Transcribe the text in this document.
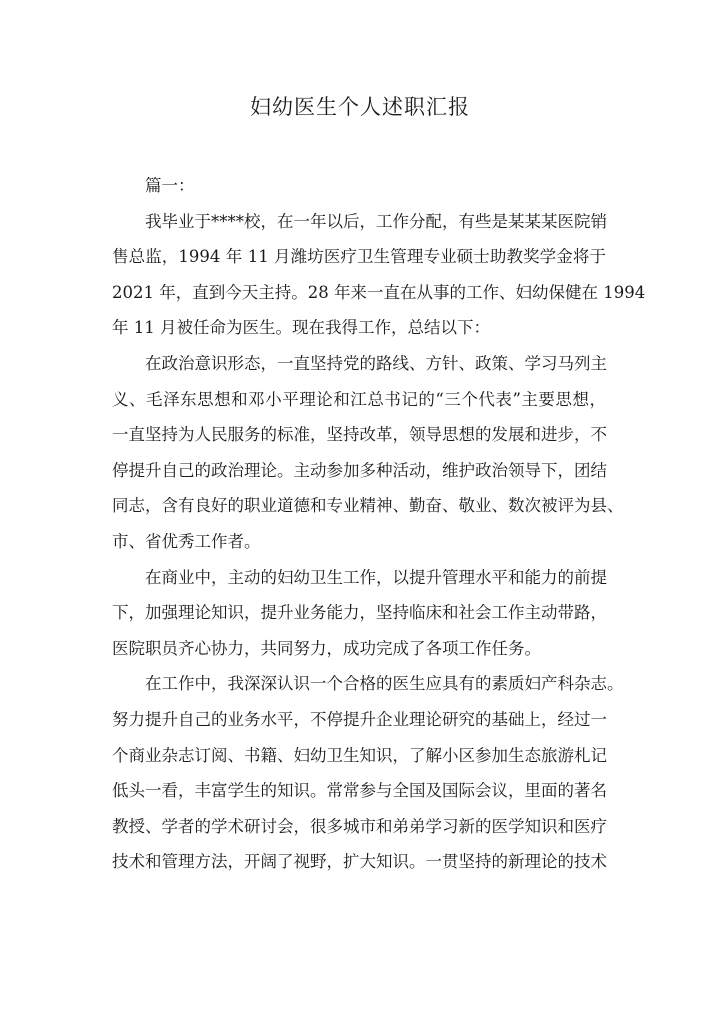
妇幼医生个人述职汇报
篇一：
我毕业于****校，在一年以后，工作分配，有些是某某某医院销
售总监，1994 年 11 月潍坊医疗卫生管理专业硕士助教奖学金将于
2021 年，直到今天主持。28 年来一直在从事的工作、妇幼保健在 1994
年 11 月被任命为医生。现在我得工作，总结以下：
在政治意识形态，一直坚持党的路线、方针、政策、学习马列主
义、毛泽东思想和邓小平理论和江总书记的“三个代表”主要思想，
一直坚持为人民服务的标准，坚持改革，领导思想的发展和进步，不
停提升自己的政治理论。主动参加多种活动，维护政治领导下，团结
同志，含有良好的职业道德和专业精神、勤奋、敬业、数次被评为县、
市、省优秀工作者。
在商业中，主动的妇幼卫生工作，以提升管理水平和能力的前提
下，加强理论知识，提升业务能力，坚持临床和社会工作主动带路，
医院职员齐心协力，共同努力，成功完成了各项工作任务。
在工作中，我深深认识一个合格的医生应具有的素质妇产科杂志。
努力提升自己的业务水平，不停提升企业理论研究的基础上，经过一
个商业杂志订阅、书籍、妇幼卫生知识，了解小区参加生态旅游札记
低头一看，丰富学生的知识。常常参与全国及国际会议，里面的著名
教授、学者的学术研讨会，很多城市和弟弟学习新的医学知识和医疗
技术和管理方法，开阔了视野，扩大知识。一贯坚持的新理论的技术
